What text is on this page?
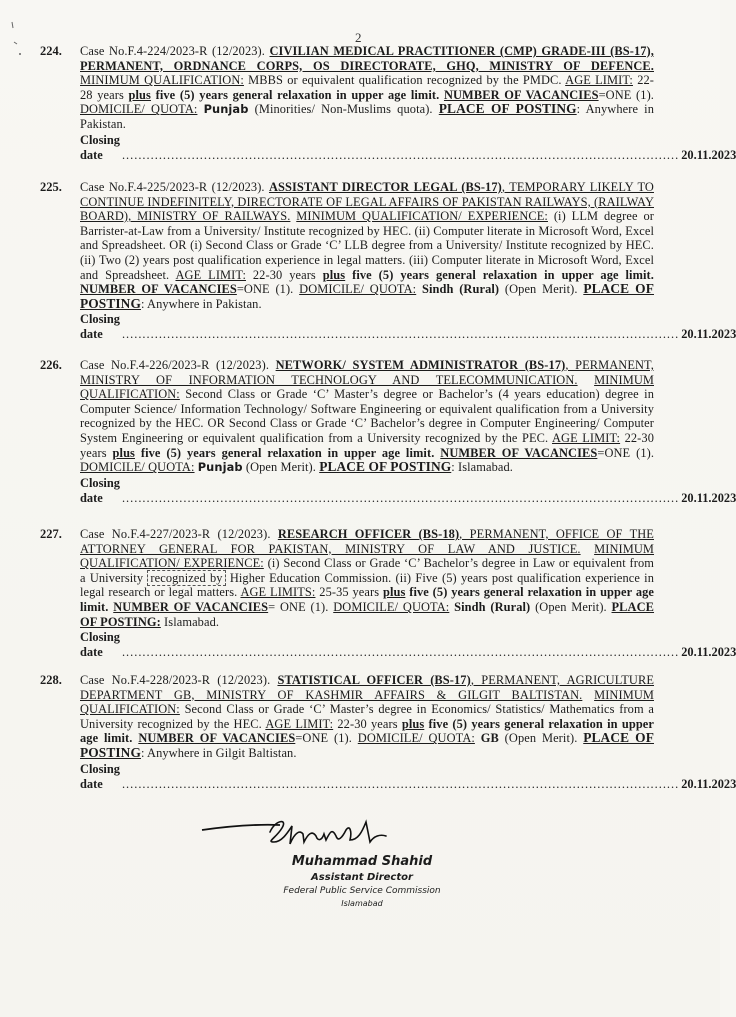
2
224. Case No.F.4-224/2023-R (12/2023). CIVILIAN MEDICAL PRACTITIONER (CMP) GRADE-III (BS-17), PERMANENT, ORDNANCE CORPS, OS DIRECTORATE, GHQ, MINISTRY OF DEFENCE. MINIMUM QUALIFICATION: MBBS or equivalent qualification recognized by the PMDC. AGE LIMIT: 22-28 years plus five (5) years general relaxation in upper age limit. NUMBER OF VACANCIES=ONE (1). DOMICILE/ QUOTA: Punjab (Minorities/ Non-Muslims quota). PLACE OF POSTING: Anywhere in Pakistan.
Closing date	........................................................................................................................................ 20.11.2023
225. Case No.F.4-225/2023-R (12/2023). ASSISTANT DIRECTOR LEGAL (BS-17), TEMPORARY LIKELY TO CONTINUE INDEFINITELY, DIRECTORATE OF LEGAL AFFAIRS OF PAKISTAN RAILWAYS, (RAILWAY BOARD), MINISTRY OF RAILWAYS. MINIMUM QUALIFICATION/ EXPERIENCE: (i) LLM degree or Barrister-at-Law from a University/ Institute recognized by HEC. (ii) Computer literate in Microsoft Word, Excel and Spreadsheet. OR (i) Second Class or Grade ‘C’ LLB degree from a University/ Institute recognized by HEC. (ii) Two (2) years post qualification experience in legal matters. (iii) Computer literate in Microsoft Word, Excel and Spreadsheet. AGE LIMIT: 22-30 years plus five (5) years general relaxation in upper age limit. NUMBER OF VACANCIES=ONE (1). DOMICILE/ QUOTA: Sindh (Rural) (Open Merit). PLACE OF POSTING: Anywhere in Pakistan.
Closing date	........................................................................................................................................ 20.11.2023
226. Case No.F.4-226/2023-R (12/2023). NETWORK/ SYSTEM ADMINISTRATOR (BS-17), PERMANENT, MINISTRY OF INFORMATION TECHNOLOGY AND TELECOMMUNICATION. MINIMUM QUALIFICATION: Second Class or Grade ‘C’ Master’s degree or Bachelor’s (4 years education) degree in Computer Science/ Information Technology/ Software Engineering or equivalent qualification from a University recognized by the HEC. OR Second Class or Grade ‘C’ Bachelor’s degree in Computer Engineering/ Computer System Engineering or equivalent qualification from a University recognized by the PEC. AGE LIMIT: 22-30 years plus five (5) years general relaxation in upper age limit. NUMBER OF VACANCIES=ONE (1). DOMICILE/ QUOTA: Punjab (Open Merit). PLACE OF POSTING: Islamabad.
Closing date	........................................................................................................................................ 20.11.2023
227. Case No.F.4-227/2023-R (12/2023). RESEARCH OFFICER (BS-18), PERMANENT, OFFICE OF THE ATTORNEY GENERAL FOR PAKISTAN, MINISTRY OF LAW AND JUSTICE. MINIMUM QUALIFICATION/ EXPERIENCE: (i) Second Class or Grade ‘C’ Bachelor’s degree in Law or equivalent from a University recognized by Higher Education Commission. (ii) Five (5) years post qualification experience in legal research or legal matters. AGE LIMITS: 25-35 years plus five (5) years general relaxation in upper age limit. NUMBER OF VACANCIES= ONE (1). DOMICILE/ QUOTA: Sindh (Rural) (Open Merit). PLACE OF POSTING: Islamabad.
Closing date	........................................................................................................................................ 20.11.2023
228. Case No.F.4-228/2023-R (12/2023). STATISTICAL OFFICER (BS-17), PERMANENT, AGRICULTURE DEPARTMENT GB, MINISTRY OF KASHMIR AFFAIRS & GILGIT BALTISTAN. MINIMUM QUALIFICATION: Second Class or Grade ‘C’ Master’s degree in Economics/ Statistics/ Mathematics from a University recognized by the HEC. AGE LIMIT: 22-30 years plus five (5) years general relaxation in upper age limit. NUMBER OF VACANCIES=ONE (1). DOMICILE/ QUOTA: GB (Open Merit). PLACE OF POSTING: Anywhere in Gilgit Baltistan.
Closing date	........................................................................................................................................ 20.11.2023
Muhammad Shahid
Assistant Director
Federal Public Service Commission
Islamabad
